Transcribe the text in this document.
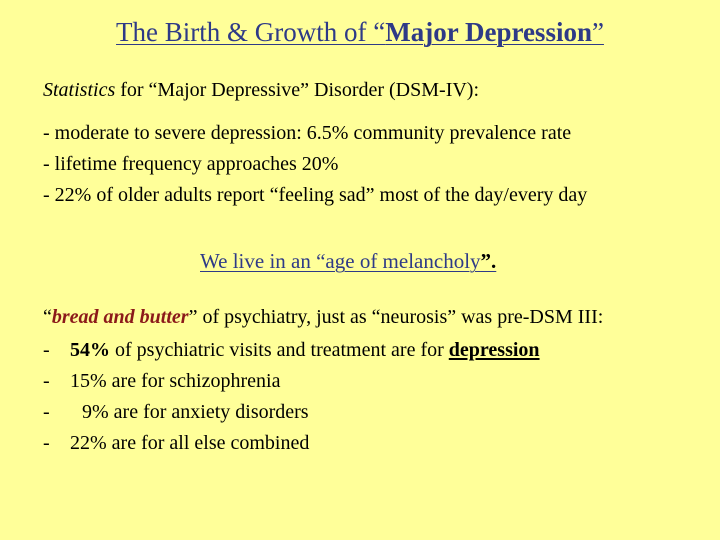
The Birth & Growth of “Major Depression”
Statistics for “Major Depressive” Disorder (DSM-IV):
- moderate to severe depression: 6.5% community prevalence rate
- lifetime frequency approaches 20%
- 22% of older adults report “feeling sad” most of the day/every day
We live in an “age of melancholy”.
“bread and butter” of psychiatry, just as “neurosis” was pre-DSM III:
-	54% of psychiatric visits and treatment are for depression
-	15% are for schizophrenia
-	9% are for anxiety disorders
-	22% are for all else combined
